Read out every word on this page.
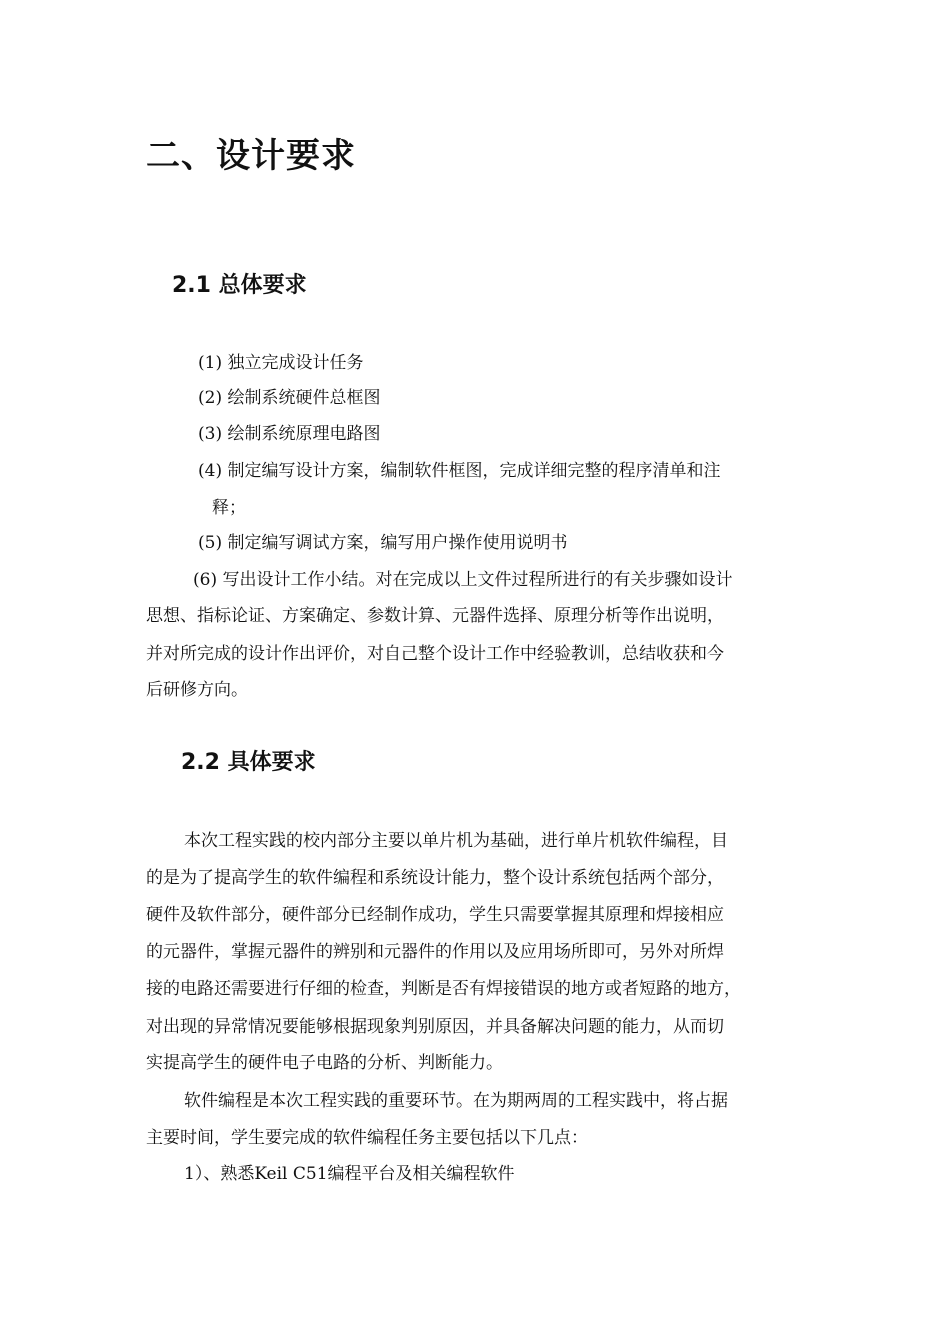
二、设计要求
2.1 总体要求

(1) 独立完成设计任务

(2) 绘制系统硬件总框图

(3) 绘制系统原理电路图

(4) 制定编写设计方案，编制软件框图，完成详细完整的程序清单和注

释；

(5) 制定编写调试方案，编写用户操作使用说明书

(6) 写出设计工作小结。对在完成以上文件过程所进行的有关步骤如设计

思想、指标论证、方案确定、参数计算、元器件选择、原理分析等作出说明，

并对所完成的设计作出评价，对自己整个设计工作中经验教训，总结收获和今

后研修方向。

2.2 具体要求

本次工程实践的校内部分主要以单片机为基础，进行单片机软件编程，目

的是为了提高学生的软件编程和系统设计能力，整个设计系统包括两个部分，

硬件及软件部分，硬件部分已经制作成功，学生只需要掌握其原理和焊接相应

的元器件，掌握元器件的辨别和元器件的作用以及应用场所即可，另外对所焊

接的电路还需要进行仔细的检查，判断是否有焊接错误的地方或者短路的地方，

对出现的异常情况要能够根据现象判别原因，并具备解决问题的能力，从而切

实提高学生的硬件电子电路的分析、判断能力。

软件编程是本次工程实践的重要环节。在为期两周的工程实践中，将占据

主要时间，学生要完成的软件编程任务主要包括以下几点：

1）、熟悉Keil C51编程平台及相关编程软件
